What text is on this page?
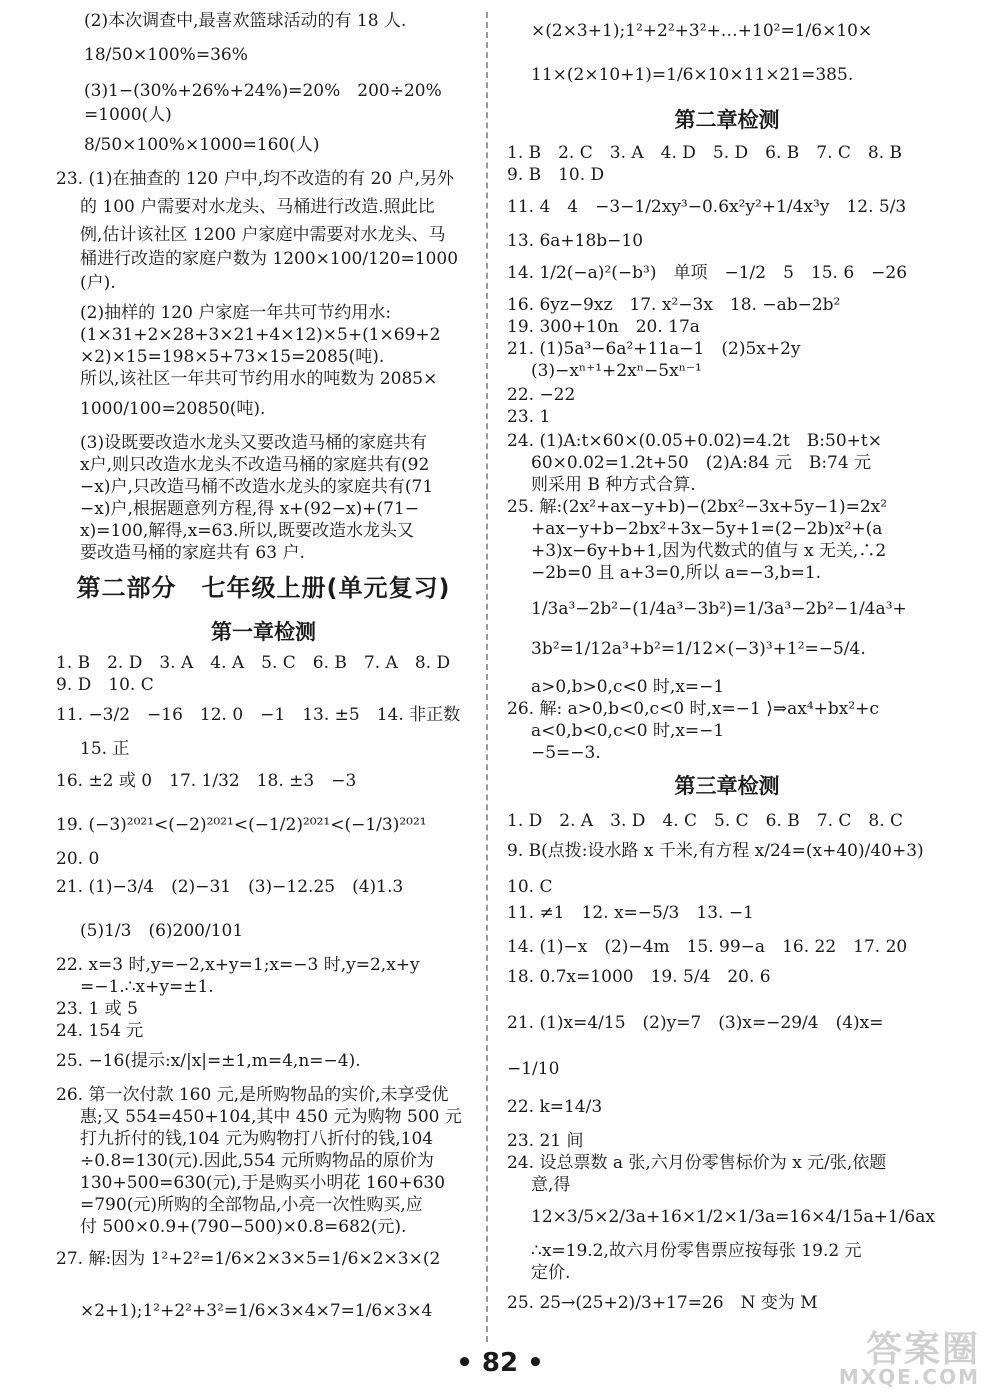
第二部分　七年级上册(单元复习)
第一章检测
(2)本次调查中,最喜欢篮球活动的有 18 人.
18/50×100%=36%
(3)1−(30%+26%+24%)=20%　200÷20%
=1000(人)
8/50×100%×1000=160(人)
23. (1)在抽查的 120 户中,均不改造的有 20 户,另外
的 100 户需要对水龙头、马桶进行改造.照此比
例,估计该社区 1200 户家庭中需要对水龙头、马
桶进行改造的家庭户数为 1200×100/120=1000
(户).
(2)抽样的 120 户家庭一年共可节约用水:
(1×31+2×28+3×21+4×12)×5+(1×69+2
×2)×15=198×5+73×15=2085(吨).
所以,该社区一年共可节约用水的吨数为 2085×
1000/100=20850(吨).
(3)设既要改造水龙头又要改造马桶的家庭共有
x户,则只改造水龙头不改造马桶的家庭共有(92
−x)户,只改造马桶不改造水龙头的家庭共有(71
−x)户,根据题意列方程,得 x+(92−x)+(71−
x)=100,解得,x=63.所以,既要改造水龙头又
要改造马桶的家庭共有 63 户.
1. B　2. D　3. A　4. A　5. C　6. B　7. A　8. D
9. D　10. C
11. −3/2　−16　12. 0　−1　13. ±5　14. 非正数
15. 正
16. ±2 或 0　17. 1/32　18. ±3　−3
19. (−3)²⁰²¹<(−2)²⁰²¹<(−1/2)²⁰²¹<(−1/3)²⁰²¹
20. 0
21. (1)−3/4　(2)−31　(3)−12.25　(4)1.3
(5)1/3　(6)200/101
22. x=3 时,y=−2,x+y=1;x=−3 时,y=2,x+y
=−1.∴x+y=±1.
23. 1 或 5
24. 154 元
25. −16(提示:x/|x|=±1,m=4,n=−4).
26. 第一次付款 160 元,是所购物品的实价,未享受优
惠;又 554=450+104,其中 450 元为购物 500 元
打九折付的钱,104 元为购物打八折付的钱,104
÷0.8=130(元).因此,554 元所购物品的原价为
130+500=630(元),于是购买小明花 160+630
=790(元)所购的全部物品,小亮一次性购买,应
付 500×0.9+(790−500)×0.8=682(元).
27. 解:因为 1²+2²=1/6×2×3×5=1/6×2×3×(2
×2+1);1²+2²+3²=1/6×3×4×7=1/6×3×4
第二章检测
第三章检测
×(2×3+1);1²+2²+3²+…+10²=1/6×10×
11×(2×10+1)=1/6×10×11×21=385.
1. B　2. C　3. A　4. D　5. D　6. B　7. C　8. B
9. B　10. D
11. 4　4　−3−1/2xy³−0.6x²y²+1/4x³y　12. 5/3
13. 6a+18b−10
14. 1/2(−a)²(−b³)　单项　−1/2　5　15. 6　−26
16. 6yz−9xz　17. x²−3x　18. −ab−2b²
19. 300+10n　20. 17a
21. (1)5a³−6a²+11a−1　(2)5x+2y
(3)−xⁿ⁺¹+2xⁿ−5xⁿ⁻¹
22. −22
23. 1
24. (1)A:t×60×(0.05+0.02)=4.2t　B:50+t×
60×0.02=1.2t+50　(2)A:84 元　B:74 元
则采用 B 种方式合算.
25. 解:(2x²+ax−y+b)−(2bx²−3x+5y−1)=2x²
+ax−y+b−2bx²+3x−5y+1=(2−2b)x²+(a
+3)x−6y+b+1,因为代数式的值与 x 无关,∴2
−2b=0 且 a+3=0,所以 a=−3,b=1.
1/3a³−2b²−(1/4a³−3b²)=1/3a³−2b²−1/4a³+
3b²=1/12a³+b²=1/12×(−3)³+1²=−5/4.
a>0,b>0,c<0 时,x=−1
26. 解: a>0,b<0,c<0 时,x=−1 ⟩⇒ax⁴+bx²+c
a<0,b<0,c<0 时,x=−1
−5=−3.
1. D　2. A　3. D　4. C　5. C　6. B　7. C　8. C
9. B(点拨:设水路 x 千米,有方程 x/24=(x+40)/40+3)
10. C
11. ≠1　12. x=−5/3　13. −1
14. (1)−x　(2)−4m　15. 99−a　16. 22　17. 20
18. 0.7x=1000　19. 5/4　20. 6
21. (1)x=4/15　(2)y=7　(3)x=−29/4　(4)x=
−1/10
22. k=14/3
23. 21 间
24. 设总票数 a 张,六月份零售标价为 x 元/张,依题
意,得
12×3/5×2/3a+16×1/2×1/3a=16×4/15a+1/6ax
∴x=19.2,故六月份零售票应按每张 19.2 元
定价.
25. 25→(25+2)/3+17=26　N 变为 M
• 82 •	答案圈
MXQE.COM
